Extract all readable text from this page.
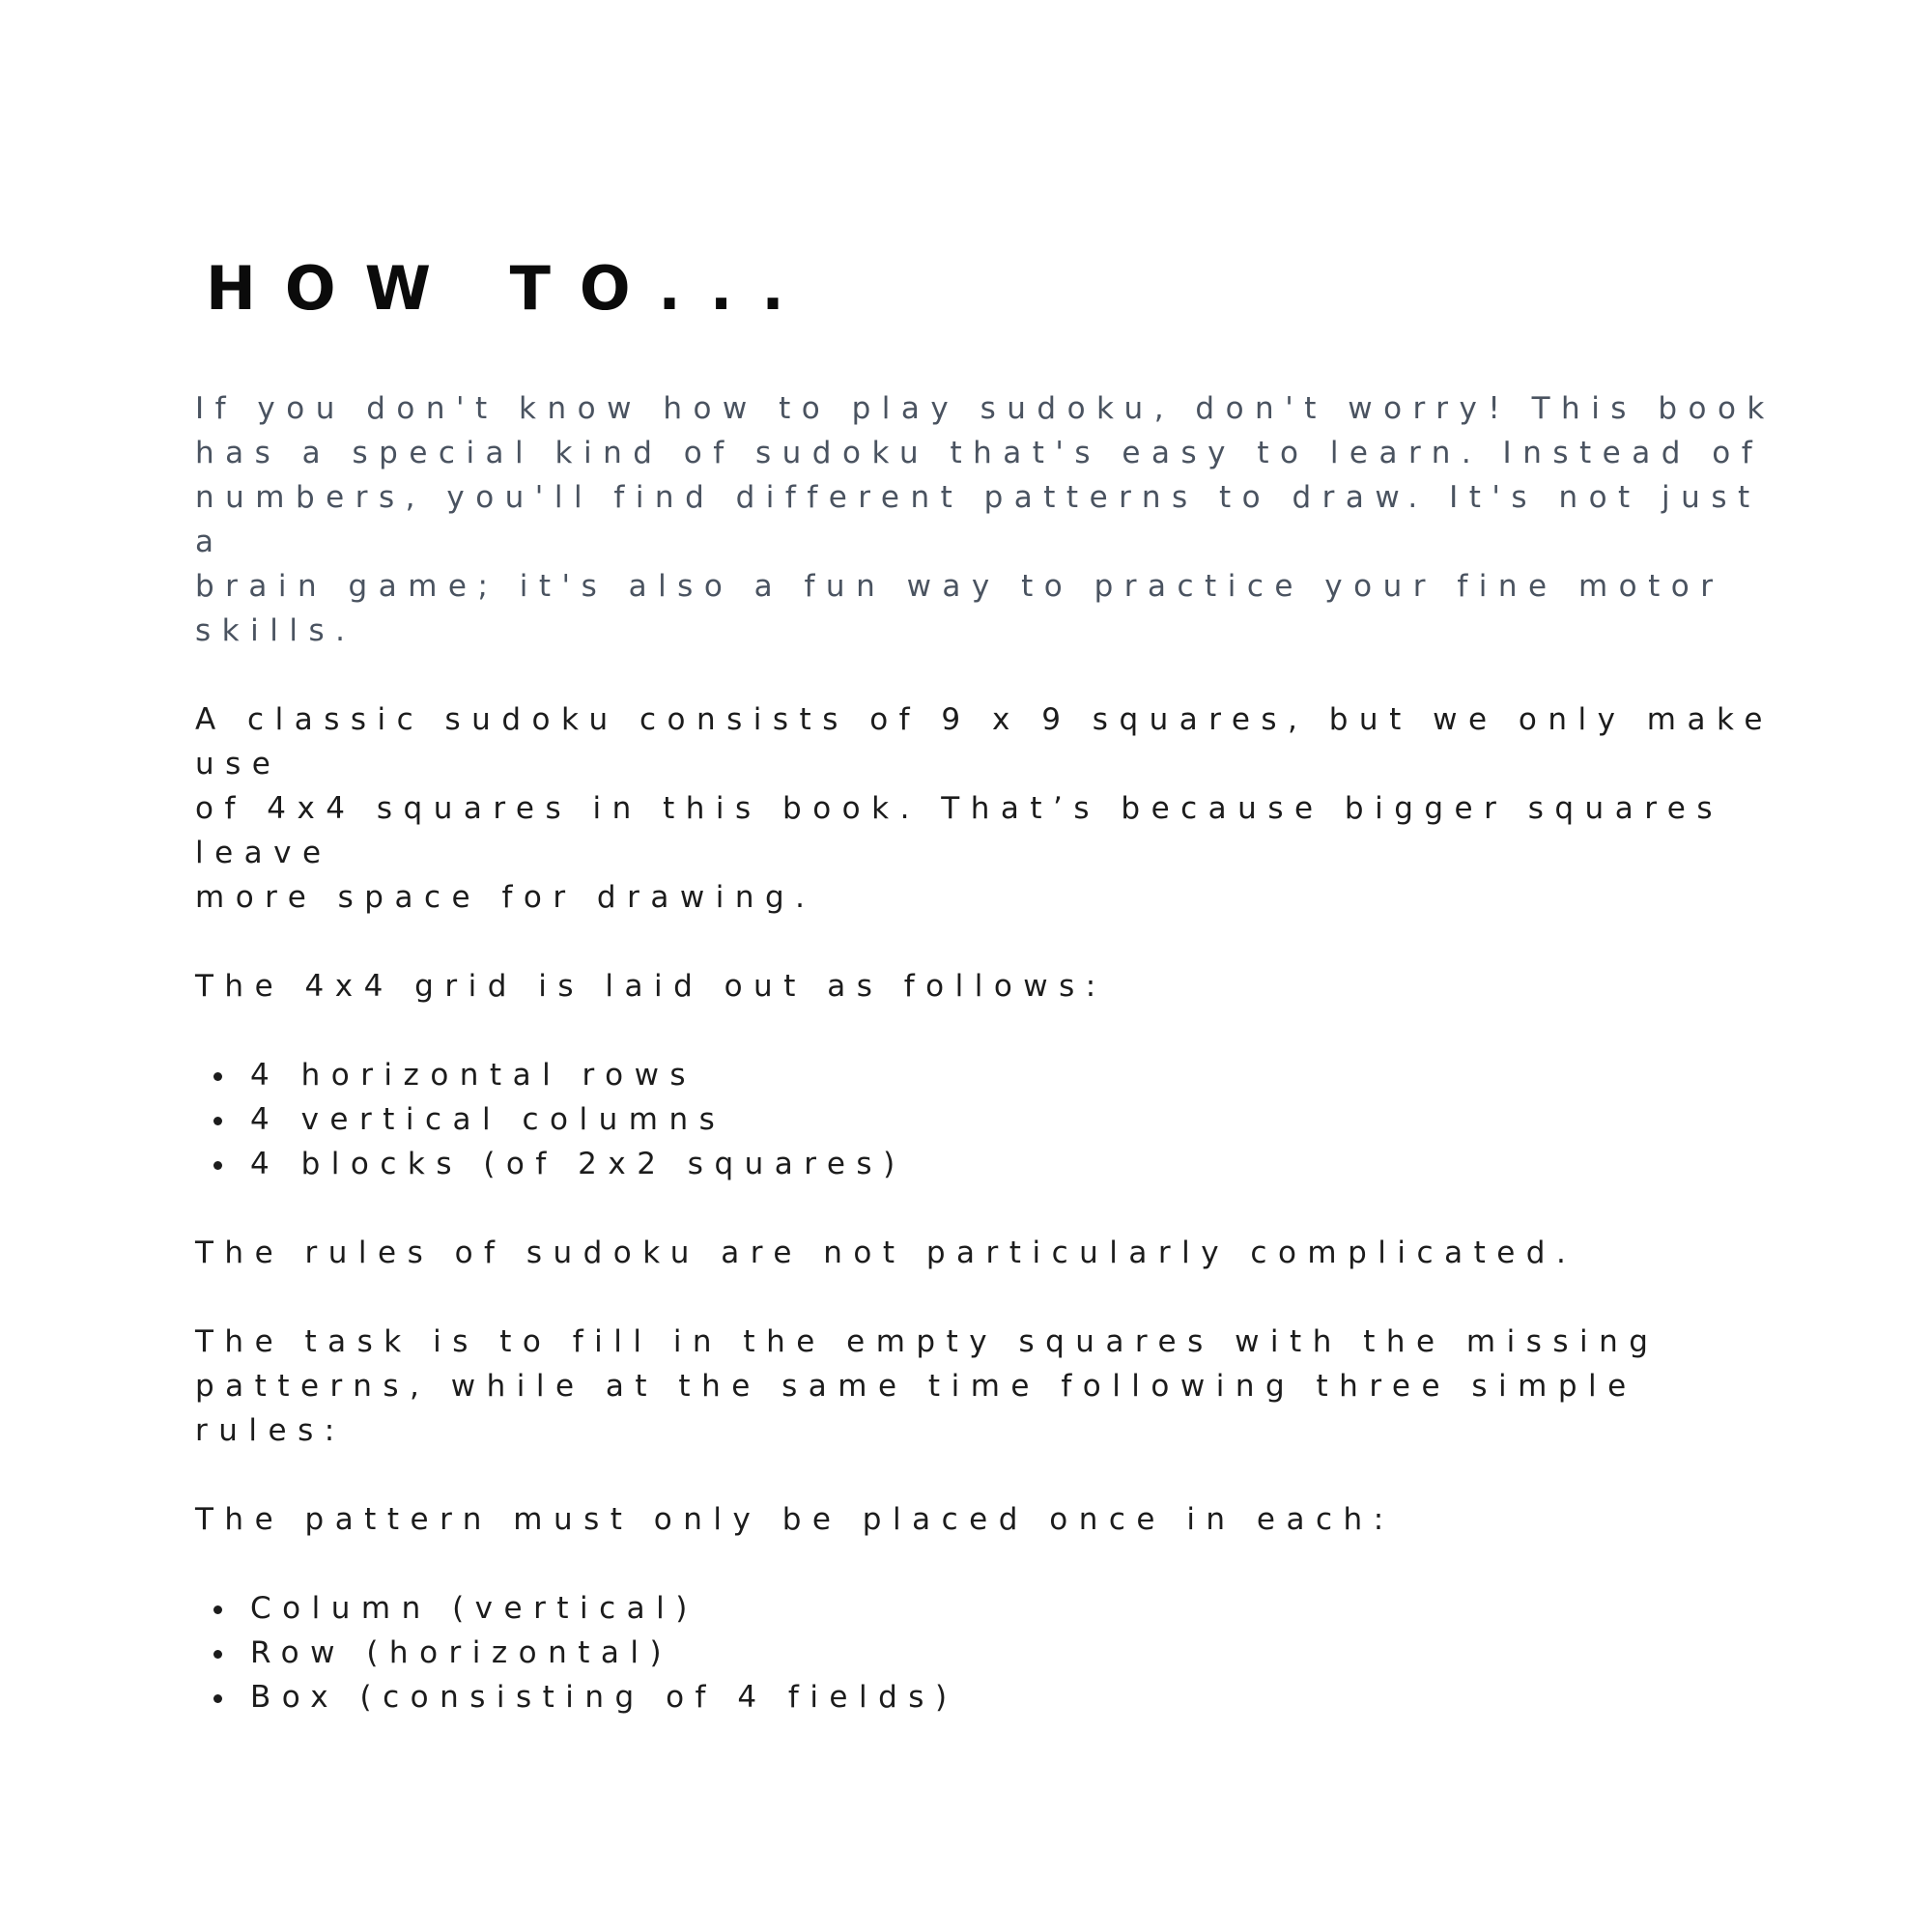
HOW TO...

If you don't know how to play sudoku, don't worry! This book
has a special kind of sudoku that's easy to learn. Instead of
numbers, you'll find different patterns to draw. It's not just a
brain game; it's also a fun way to practice your fine motor
skills.

A classic sudoku consists of 9 x 9 squares, but we only make use
of 4x4 squares in this book. That’s because bigger squares leave
more space for drawing.

The 4x4 grid is laid out as follows:

4 horizontal rows
4 vertical columns
4 blocks (of 2x2 squares)

The rules of sudoku are not particularly complicated.

The task is to fill in the empty squares with the missing
patterns, while at the same time following three simple rules:

The pattern must only be placed once in each:

Column (vertical)
Row (horizontal)
Box (consisting of 4 fields)
